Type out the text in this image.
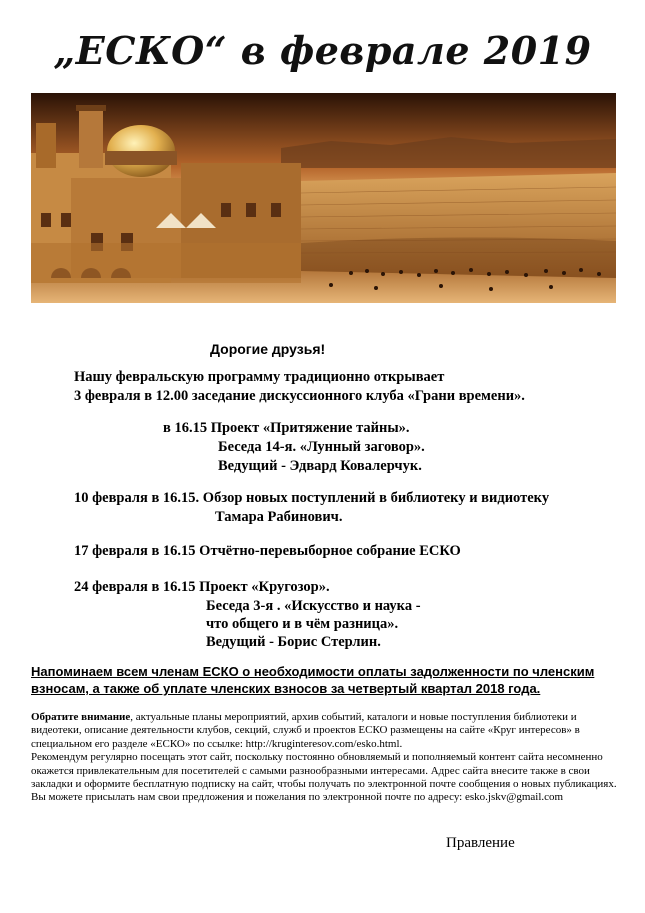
„ЕСКО“ в феврале 2019
Дорогие друзья!
Нашу февральскую программу традиционно открывает
3 февраля в 12.00 заседание дискуссионного клуба «Грани времени».
в 16.15 Проект «Притяжение тайны».
Беседа 14-я. «Лунный заговор».
Ведущий - Эдвард Ковалерчук.
10 февраля в 16.15. Обзор новых поступлений в библиотеку и видиотеку
Тамара Рабинович.
17 февраля в 16.15 Отчётно-перевыборное собрание ЕСКО
24 февраля в 16.15 Проект «Кругозор».
Беседа 3-я . «Искусство и наука -
что общего и в чём разница».
Ведущий - Борис Стерлин.
Напоминаем всем членам ЕСКО о необходимости оплаты задолженности по членским взносам, а также об уплате членских взносов за четвертый квартал 2018 года.
Обратите внимание, актуальные планы мероприятий, архив событий, каталоги и новые поступления библиотеки и видеотеки, описание деятельности клубов, секций, служб и проектов ЕСКО размещены на сайте «Круг интересов» в специальном его разделе «ЕСКО» по ссылке: http://kruginteresov.com/esko.html.
Рекомендум регулярно посещать этот сайт, поскольку постоянно обновляемый и пополняемый контент сайта несомненно окажется привлекательным для посетителей с самыми разнообразными интересами. Адрес сайта внесите также в свои закладки и оформите бесплатную подписку на сайт, чтобы получать по электронной почте сообщения о новых публикациях.
Вы можете присылать нам свои предложения и пожелания по электронной почте по адресу: esko.jskv@gmail.com
Правление
